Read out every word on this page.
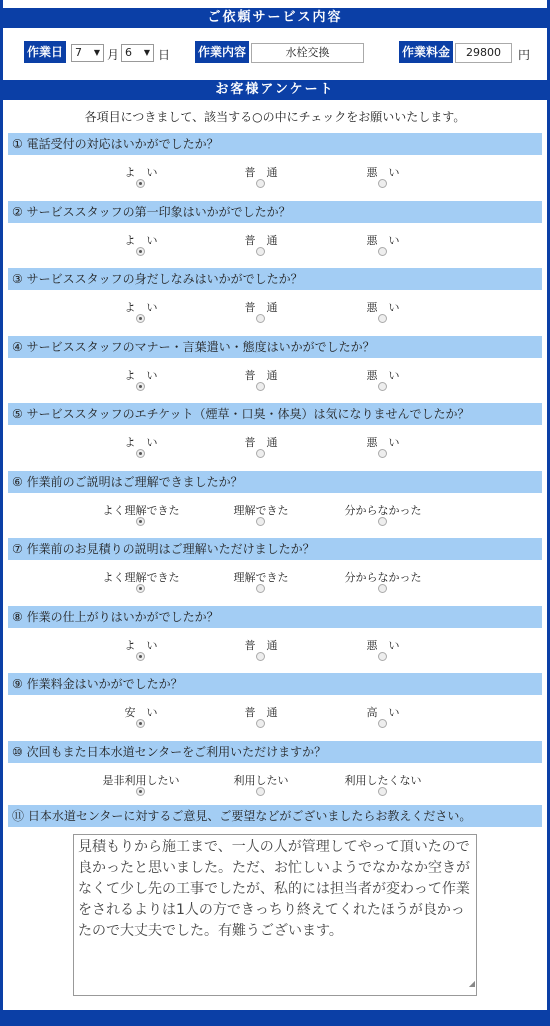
ご依頼サービス内容
作業日	7 ▼ 月 6 ▼ 日 作業内容	水栓交換	作業料金	29800	円
お客様アンケート
各項目につきまして、該当する○の中にチェックをお願いいたします。
① 電話受付の対応はいかがでしたか？
よ　い	普　通	悪　い
② サービススタッフの第一印象はいかがでしたか？
よ　い	普　通	悪　い
③ サービススタッフの身だしなみはいかがでしたか？
よ　い	普　通	悪　い
④ サービススタッフのマナー・言葉遣い・態度はいかがでしたか？
よ　い	普　通	悪　い
⑤ サービススタッフのエチケット（煙草・口臭・体臭）は気になりませんでしたか？
よ　い	普　通	悪　い
⑥ 作業前のご説明はご理解できましたか？
よく理解できた	理解できた	分からなかった
⑦ 作業前のお見積りの説明はご理解いただけましたか？
よく理解できた	理解できた	分からなかった
⑧ 作業の仕上がりはいかがでしたか？
よ　い	普　通	悪　い
⑨ 作業料金はいかがでしたか？
安　い	普　通	高　い
⑩ 次回もまた日本水道センターをご利用いただけますか？
是非利用したい	利用したい	利用したくない
⑪ 日本水道センターに対するご意見、ご要望などがございましたらお教えください。
見積もりから施工まで、一人の人が管理してやって頂いたので良かったと思いました。ただ、お忙しいようでなかなか空きがなくて少し先の工事でしたが、私的には担当者が変わって作業をされるよりは1人の方できっちり終えてくれたほうが良かったので大丈夫でした。有難うございます。
◢
